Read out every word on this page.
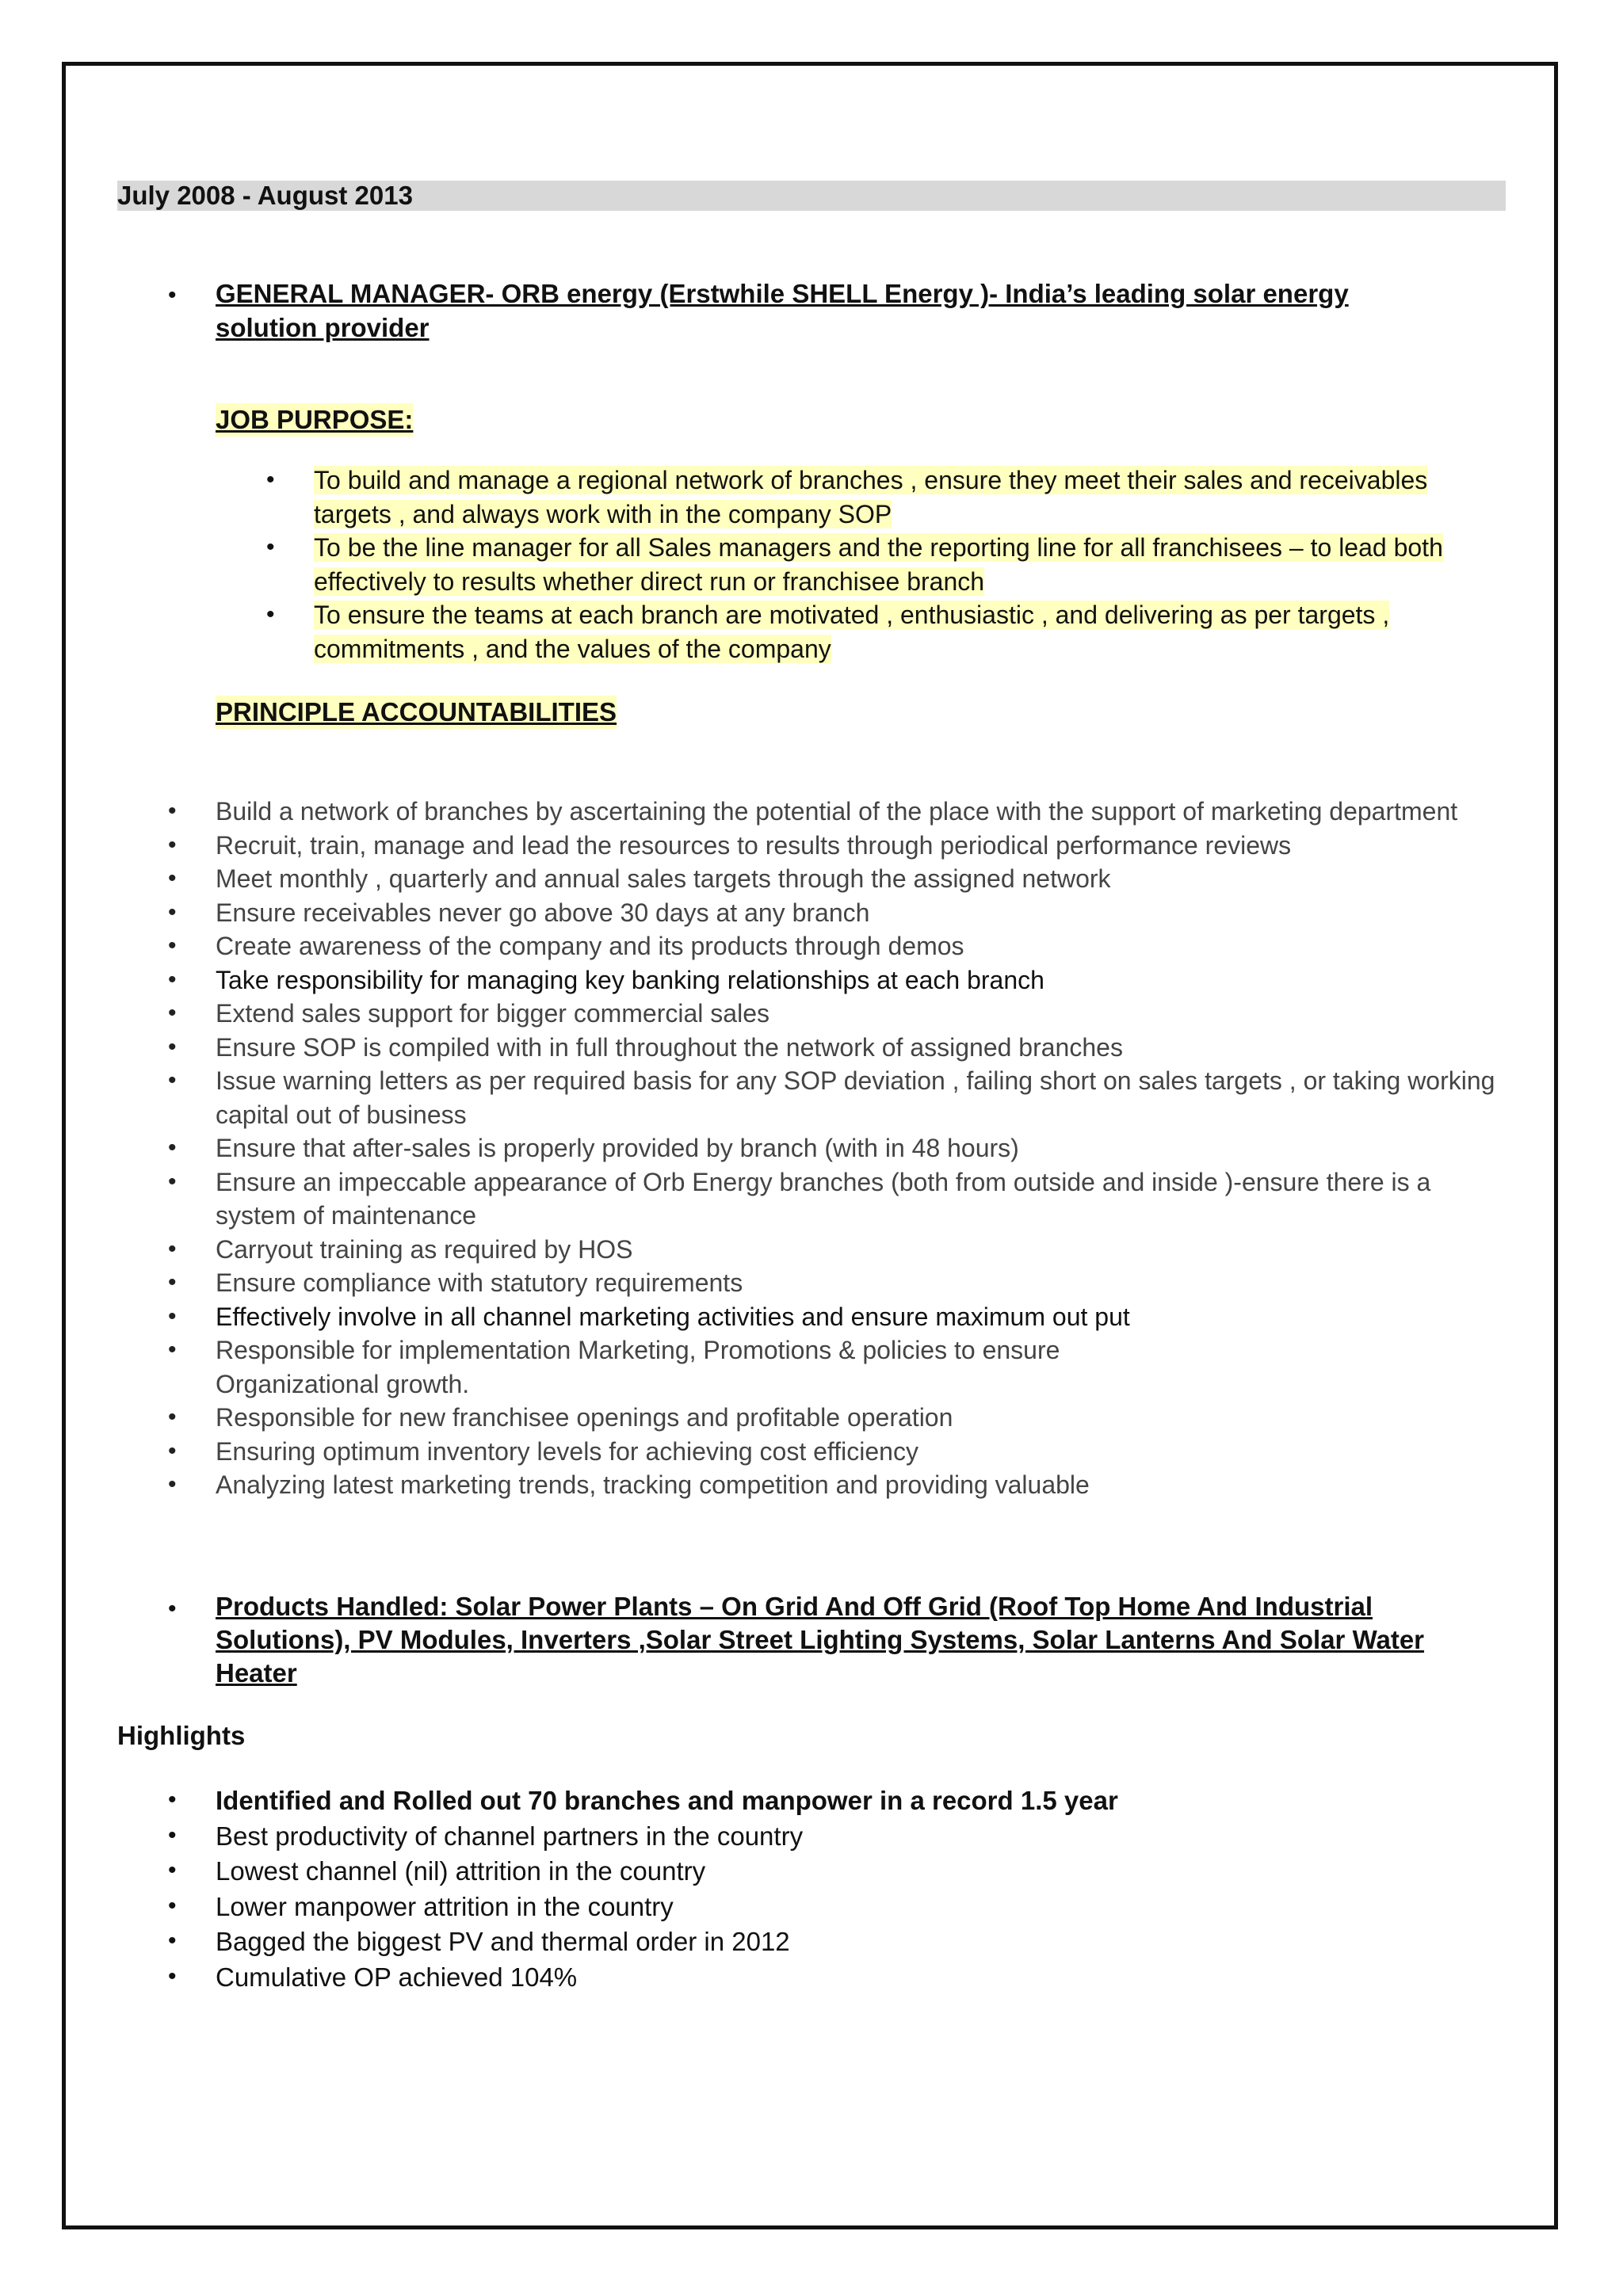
July 2008 - August 2013
• GENERAL MANAGER- ORB energy (Erstwhile SHELL Energy )- India’s leading solar energy solution provider
JOB PURPOSE:
• To build and manage a regional network of branches , ensure they meet their sales and receivables targets , and always work with in the company SOP
• To be the line manager for all Sales managers and the reporting line for all franchisees – to lead both effectively to results whether direct run or franchisee branch
• To ensure the teams at each branch are motivated , enthusiastic , and delivering as per targets , commitments , and the values of the company
PRINCIPLE ACCOUNTABILITIES
• Build a network of branches by ascertaining the potential of the place with the support of marketing department
• Recruit, train, manage and lead the resources to results through periodical performance reviews
• Meet monthly , quarterly and annual sales targets through the assigned network
• Ensure receivables never go above 30 days at any branch
• Create awareness of the company and its products through demos
• Take responsibility for managing key banking relationships at each branch
• Extend sales support for bigger commercial sales
• Ensure SOP is compiled with in full throughout the network of assigned branches
• Issue warning letters as per required basis for any SOP deviation , failing short on sales targets , or taking working capital out of business
• Ensure that after-sales is properly provided by branch (with in 48 hours)
• Ensure an impeccable appearance of Orb Energy branches (both from outside and inside )-ensure there is a system of maintenance
• Carryout training as required by HOS
• Ensure compliance with statutory requirements
• Effectively involve in all channel marketing activities and ensure maximum out put
• Responsible for implementation Marketing, Promotions & policies to ensure Organizational growth.
• Responsible for new franchisee openings and profitable operation
• Ensuring optimum inventory levels for achieving cost efficiency
• Analyzing latest marketing trends, tracking competition and providing valuable
• Products Handled: Solar Power Plants – On Grid And Off Grid (Roof Top Home And Industrial Solutions), PV Modules, Inverters ,Solar Street Lighting Systems, Solar Lanterns And Solar Water Heater
Highlights
• Identified and Rolled out 70 branches and manpower in a record 1.5 year
• Best productivity of channel partners in the country
• Lowest channel (nil) attrition in the country
• Lower manpower attrition in the country
• Bagged the biggest PV and thermal order in 2012
• Cumulative OP achieved 104%
